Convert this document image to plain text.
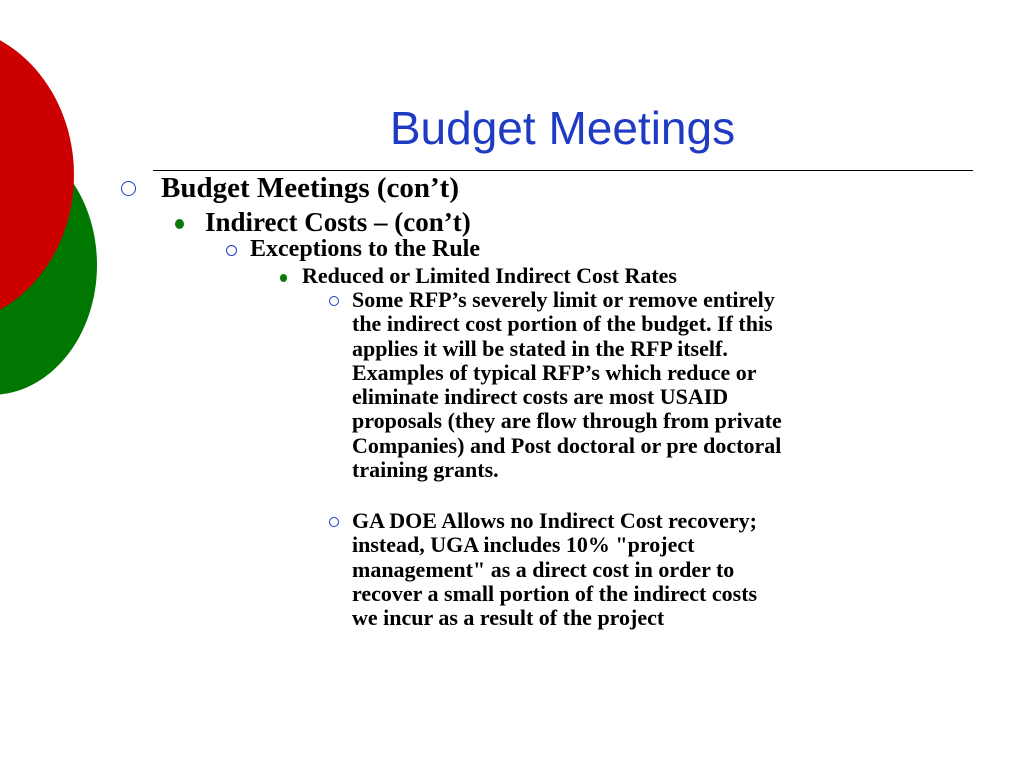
Budget Meetings
Budget Meetings (con’t)
Indirect Costs – (con’t)
Exceptions to the Rule
Reduced or Limited Indirect Cost Rates
Some RFP’s severely limit or remove entirely
the indirect cost portion of the budget. If this
applies it will be stated in the RFP itself.
Examples of typical RFP’s which reduce or
eliminate indirect costs are most USAID
proposals (they are flow through from private
Companies) and Post doctoral or pre doctoral
training grants.
GA DOE Allows no Indirect Cost recovery;
instead, UGA includes 10% "project
management" as a direct cost in order to
recover a small portion of the indirect costs
we incur as a result of the project
